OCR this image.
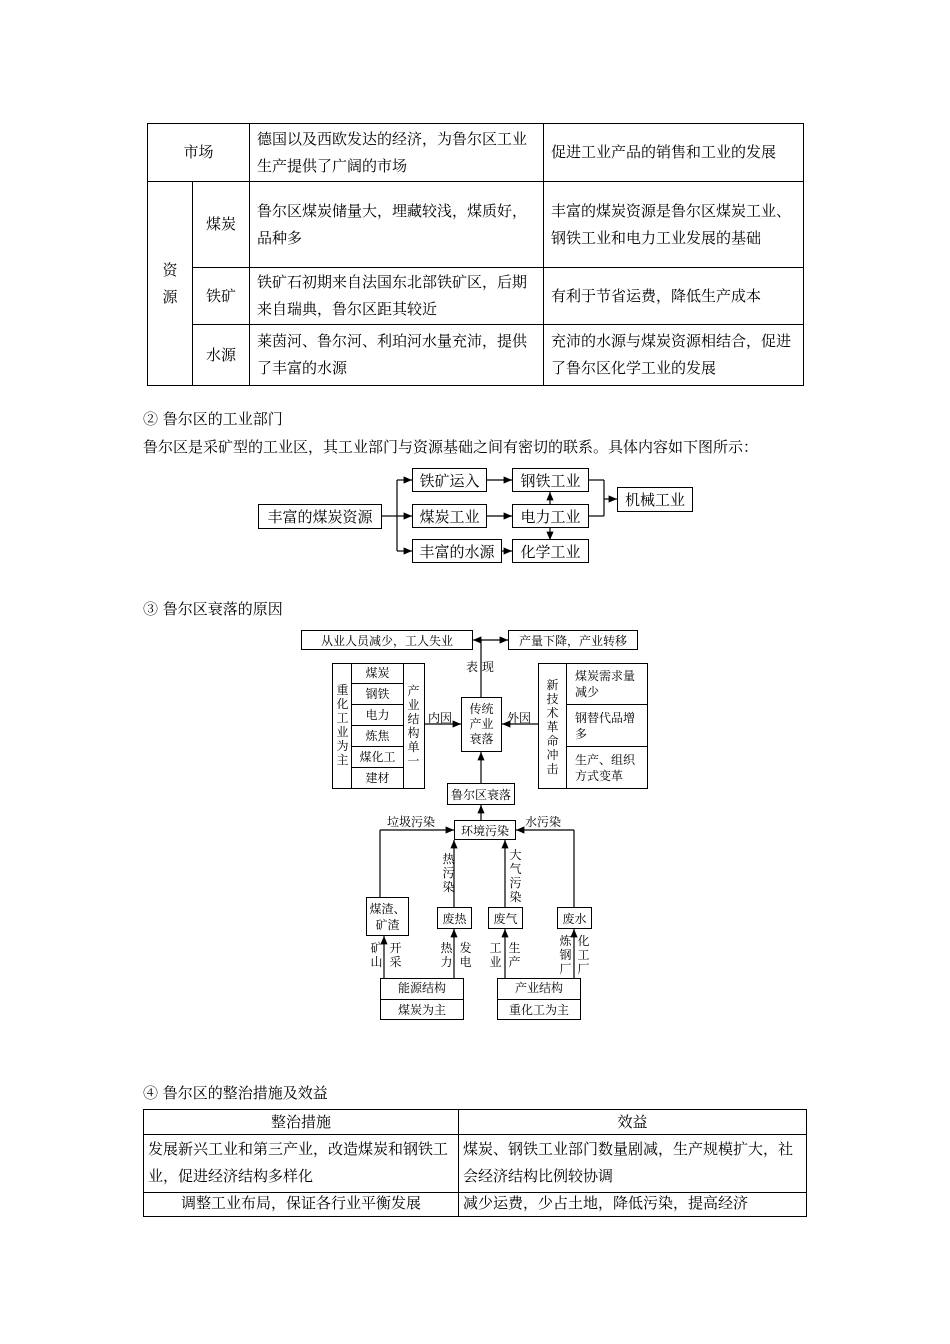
市场		德国以及西欧发达的经济，为鲁尔区工业生产提供了广阔的市场	促进工业产品的销售和工业的发展
资源	煤炭	鲁尔区煤炭储量大，埋藏较浅，煤质好，品种多	丰富的煤炭资源是鲁尔区煤炭工业、钢铁工业和电力工业发展的基础
	铁矿	铁矿石初期来自法国东北部铁矿区，后期来自瑞典，鲁尔区距其较近	有利于节省运费，降低生产成本
	水源	莱茵河、鲁尔河、利珀河水量充沛，提供了丰富的水源	充沛的水源与煤炭资源相结合，促进了鲁尔区化学工业的发展
② 鲁尔区的工业部门
鲁尔区是采矿型的工业区，其工业部门与资源基础之间有密切的联系。具体内容如下图所示：
丰富的煤炭资源
铁矿运入
煤炭工业
丰富的水源
钢铁工业
电力工业
化学工业
机械工业
③ 鲁尔区衰落的原因
从业人员减少，工人失业	产量下降，产业转移
表 现
重化工业为主
产业结构单一
煤炭
钢铁
电力
炼焦
煤化工
建材
内因
传统产业衰落
外因
新技术革命冲击
煤炭需求量减少
钢替代品增多
生产、组织方式变革
鲁尔区衰落
垃圾污染
环境污染
水污染
热污染
大气污染
煤渣、矿渣	废热	废气	废水
矿山
开采
热力
发电
工业
生产
炼钢厂
化工厂
能源结构
煤炭为主
产业结构
重化工为主
④ 鲁尔区的整治措施及效益
整治措施	效益
发展新兴工业和第三产业，改造煤炭和钢铁工业，促进经济结构多样化	煤炭、钢铁工业部门数量剧减，生产规模扩大，社会经济结构比例较协调
调整工业布局，保证各行业平衡发展	减少运费，少占土地，降低污染，提高经济
